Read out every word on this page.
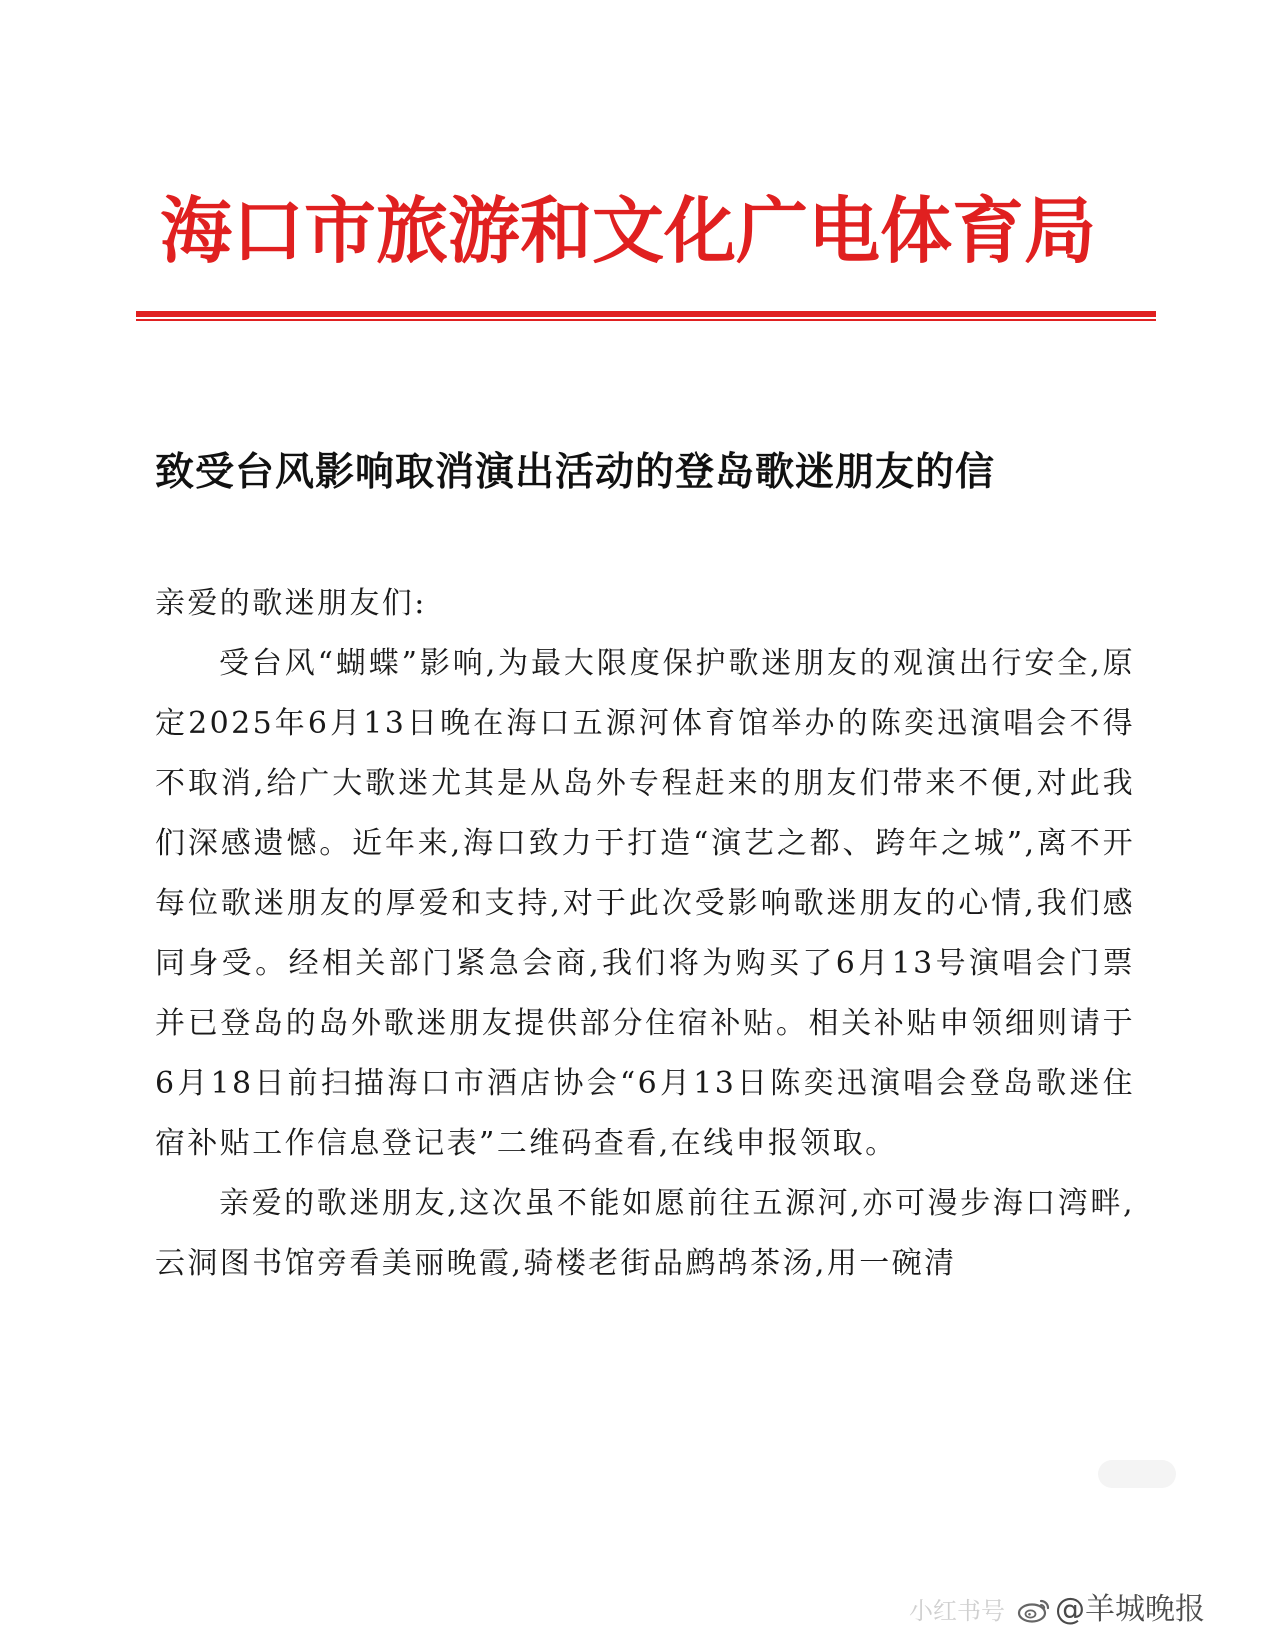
海口市旅游和文化广电体育局
致受台风影响取消演出活动的登岛歌迷朋友的信

亲爱的歌迷朋友们:

受台风“蝴蝶”影响,为最大限度保护歌迷朋友的观演出行安全,原定2025年6月13日晚在海口五源河体育馆举办的陈奕迅演唱会不得不取消,给广大歌迷尤其是从岛外专程赶来的朋友们带来不便,对此我们深感遗憾。近年来,海口致力于打造“演艺之都、跨年之城”,离不开每位歌迷朋友的厚爱和支持,对于此次受影响歌迷朋友的心情,我们感同身受。经相关部门紧急会商,我们将为购买了6月13号演唱会门票并已登岛的岛外歌迷朋友提供部分住宿补贴。相关补贴申领细则请于6月18日前扫描海口市酒店协会“6月13日陈奕迅演唱会登岛歌迷住宿补贴工作信息登记表”二维码查看,在线申报领取。

亲爱的歌迷朋友,这次虽不能如愿前往五源河,亦可漫步海口湾畔,云洞图书馆旁看美丽晚霞,骑楼老街品鹧鸪茶汤,用一碗清

小红书号 @羊城晚报
